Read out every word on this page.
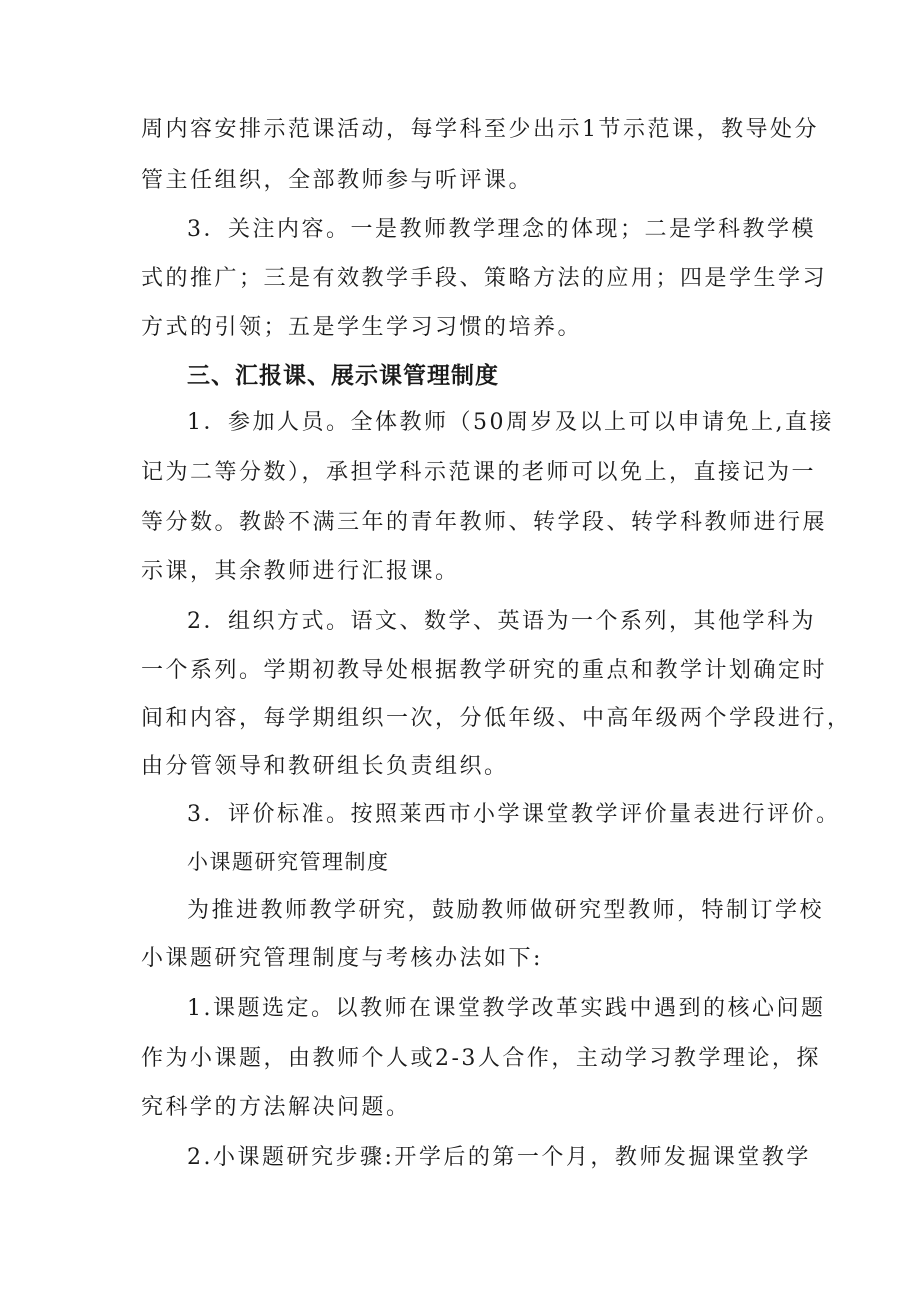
周内容安排示范课活动，每学科至少出示1节示范课，教导处分
管主任组织，全部教师参与听评课。
3．关注内容。一是教师教学理念的体现；二是学科教学模
式的推广；三是有效教学手段、策略方法的应用；四是学生学习
方式的引领；五是学生学习习惯的培养。
三、汇报课、展示课管理制度
1．参加人员。全体教师（50周岁及以上可以申请免上,直接
记为二等分数），承担学科示范课的老师可以免上，直接记为一
等分数。教龄不满三年的青年教师、转学段、转学科教师进行展
示课，其余教师进行汇报课。
2．组织方式。语文、数学、英语为一个系列，其他学科为
一个系列。学期初教导处根据教学研究的重点和教学计划确定时
间和内容，每学期组织一次，分低年级、中高年级两个学段进行，
由分管领导和教研组长负责组织。
3．评价标准。按照莱西市小学课堂教学评价量表进行评价。
小课题研究管理制度
为推进教师教学研究，鼓励教师做研究型教师，特制订学校
小课题研究管理制度与考核办法如下:
1.课题选定。以教师在课堂教学改革实践中遇到的核心问题
作为小课题，由教师个人或2-3人合作，主动学习教学理论，探
究科学的方法解决问题。
2.小课题研究步骤:开学后的第一个月，教师发掘课堂教学
